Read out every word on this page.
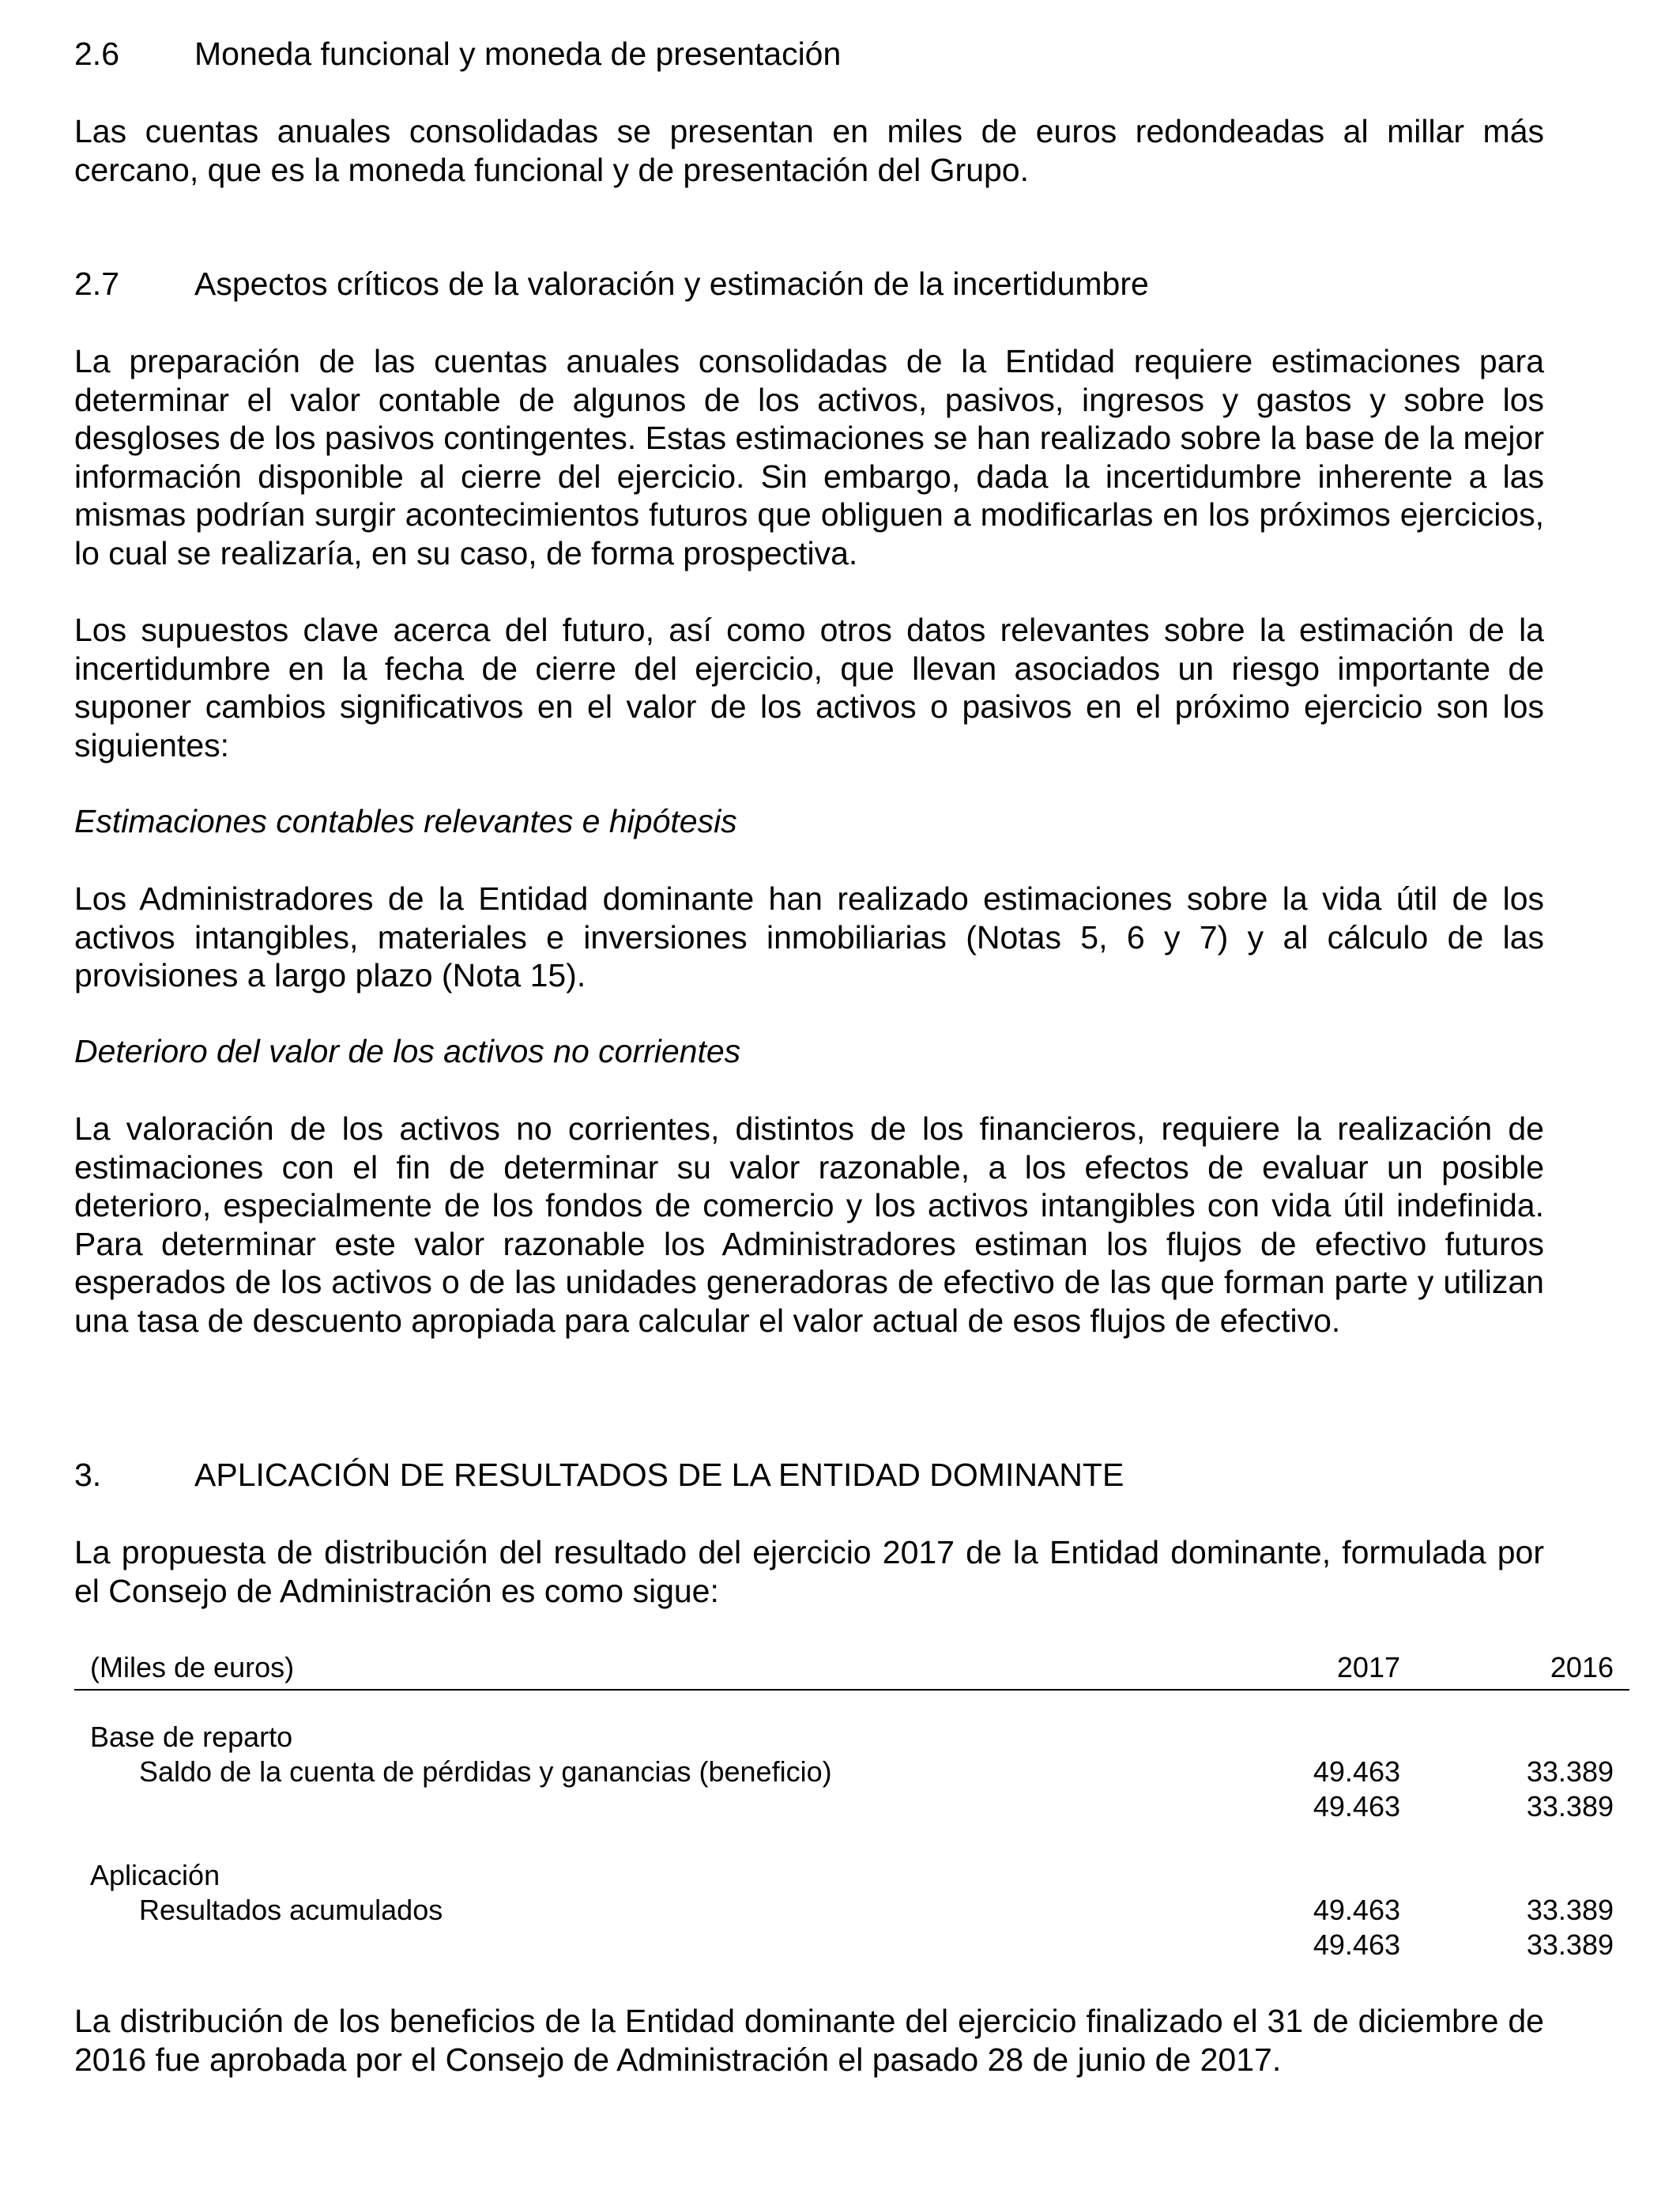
2.6 Moneda funcional y moneda de presentación

Las cuentas anuales consolidadas se presentan en miles de euros redondeadas al millar más cercano, que es la moneda funcional y de presentación del Grupo.

2.7 Aspectos críticos de la valoración y estimación de la incertidumbre

La preparación de las cuentas anuales consolidadas de la Entidad requiere estimaciones para determinar el valor contable de algunos de los activos, pasivos, ingresos y gastos y sobre los desgloses de los pasivos contingentes. Estas estimaciones se han realizado sobre la base de la mejor información disponible al cierre del ejercicio. Sin embargo, dada la incertidumbre inherente a las mismas podrían surgir acontecimientos futuros que obliguen a modificarlas en los próximos ejercicios, lo cual se realizaría, en su caso, de forma prospectiva.

Los supuestos clave acerca del futuro, así como otros datos relevantes sobre la estimación de la incertidumbre en la fecha de cierre del ejercicio, que llevan asociados un riesgo importante de suponer cambios significativos en el valor de los activos o pasivos en el próximo ejercicio son los siguientes:

Estimaciones contables relevantes e hipótesis

Los Administradores de la Entidad dominante han realizado estimaciones sobre la vida útil de los activos intangibles, materiales e inversiones inmobiliarias (Notas 5, 6 y 7) y al cálculo de las provisiones a largo plazo (Nota 15).

Deterioro del valor de los activos no corrientes

La valoración de los activos no corrientes, distintos de los financieros, requiere la realización de estimaciones con el fin de determinar su valor razonable, a los efectos de evaluar un posible deterioro, especialmente de los fondos de comercio y los activos intangibles con vida útil indefinida. Para determinar este valor razonable los Administradores estiman los flujos de efectivo futuros esperados de los activos o de las unidades generadoras de efectivo de las que forman parte y utilizan una tasa de descuento apropiada para calcular el valor actual de esos flujos de efectivo.

3.	APLICACIÓN DE RESULTADOS DE LA ENTIDAD DOMINANTE

La propuesta de distribución del resultado del ejercicio 2017 de la Entidad dominante, formulada por el Consejo de Administración es como sigue:

(Miles de euros)	2017	2016
Base de reparto
Saldo de la cuenta de pérdidas y ganancias (beneficio)	49.463	33.389
49.463	33.389
Aplicación
Resultados acumulados	49.463	33.389
49.463	33.389

La distribución de los beneficios de la Entidad dominante del ejercicio finalizado el 31 de diciembre de 2016 fue aprobada por el Consejo de Administración el pasado 28 de junio de 2017.
